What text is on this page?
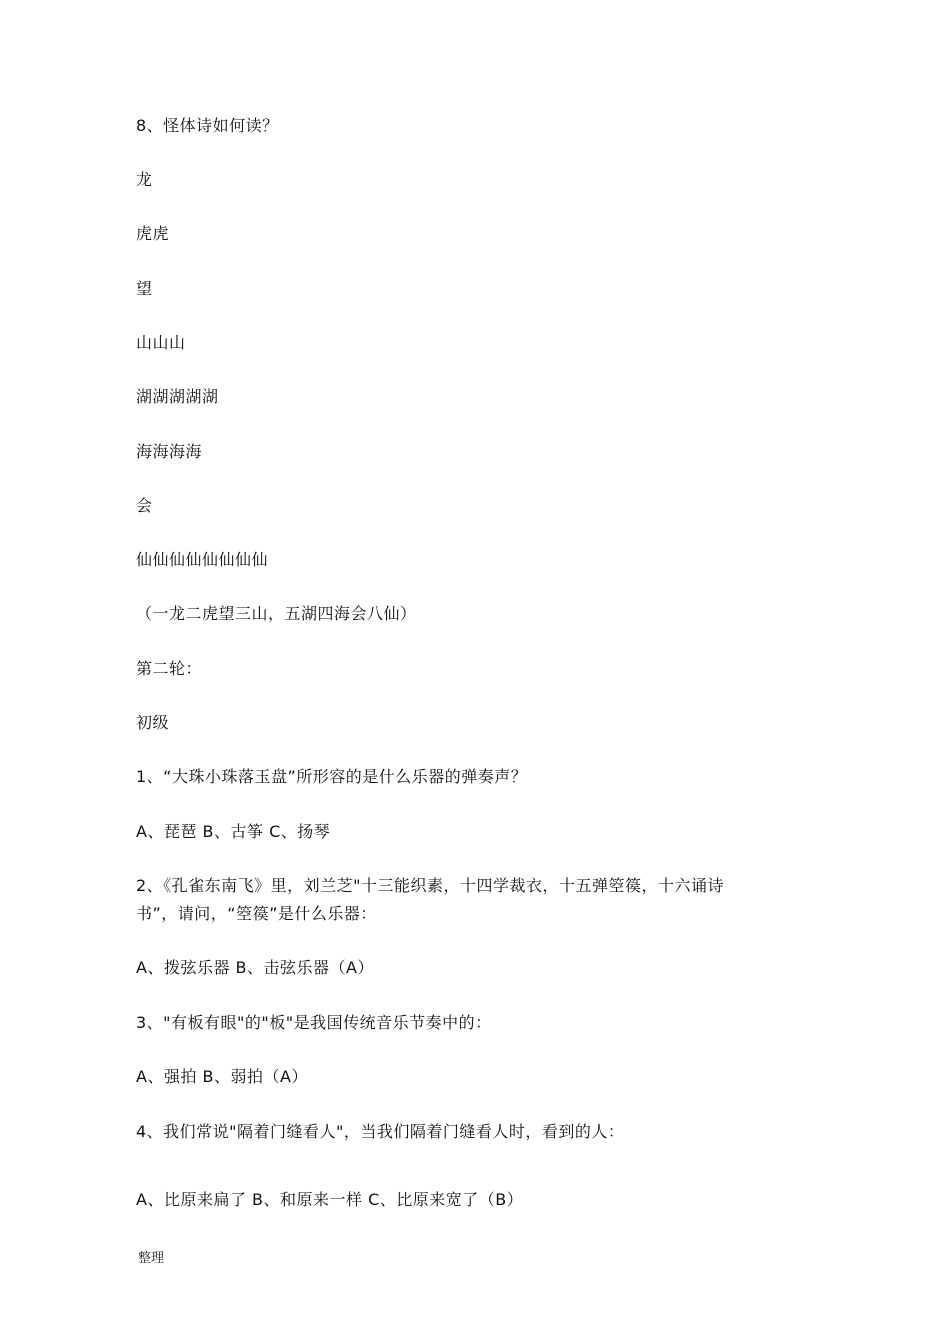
8、怪体诗如何读？
龙
虎虎
望
山山山
湖湖湖湖湖
海海海海
会
仙仙仙仙仙仙仙仙
（一龙二虎望三山，五湖四海会八仙）
第二轮：
初级
1、“大珠小珠落玉盘”所形容的是什么乐器的弹奏声？
A、琵琶 B、古筝 C、扬琴
2、《孔雀东南飞》里，刘兰芝"十三能织素，十四学裁衣，十五弹箜篌，十六诵诗
书”，请问，“箜篌”是什么乐器：
A、拨弦乐器 B、击弦乐器（A）
3、"有板有眼"的"板"是我国传统音乐节奏中的：
A、强拍 B、弱拍（A）
4、我们常说"隔着门缝看人"，当我们隔着门缝看人时，看到的人：
A、比原来扁了 B、和原来一样 C、比原来宽了（B）
整理
